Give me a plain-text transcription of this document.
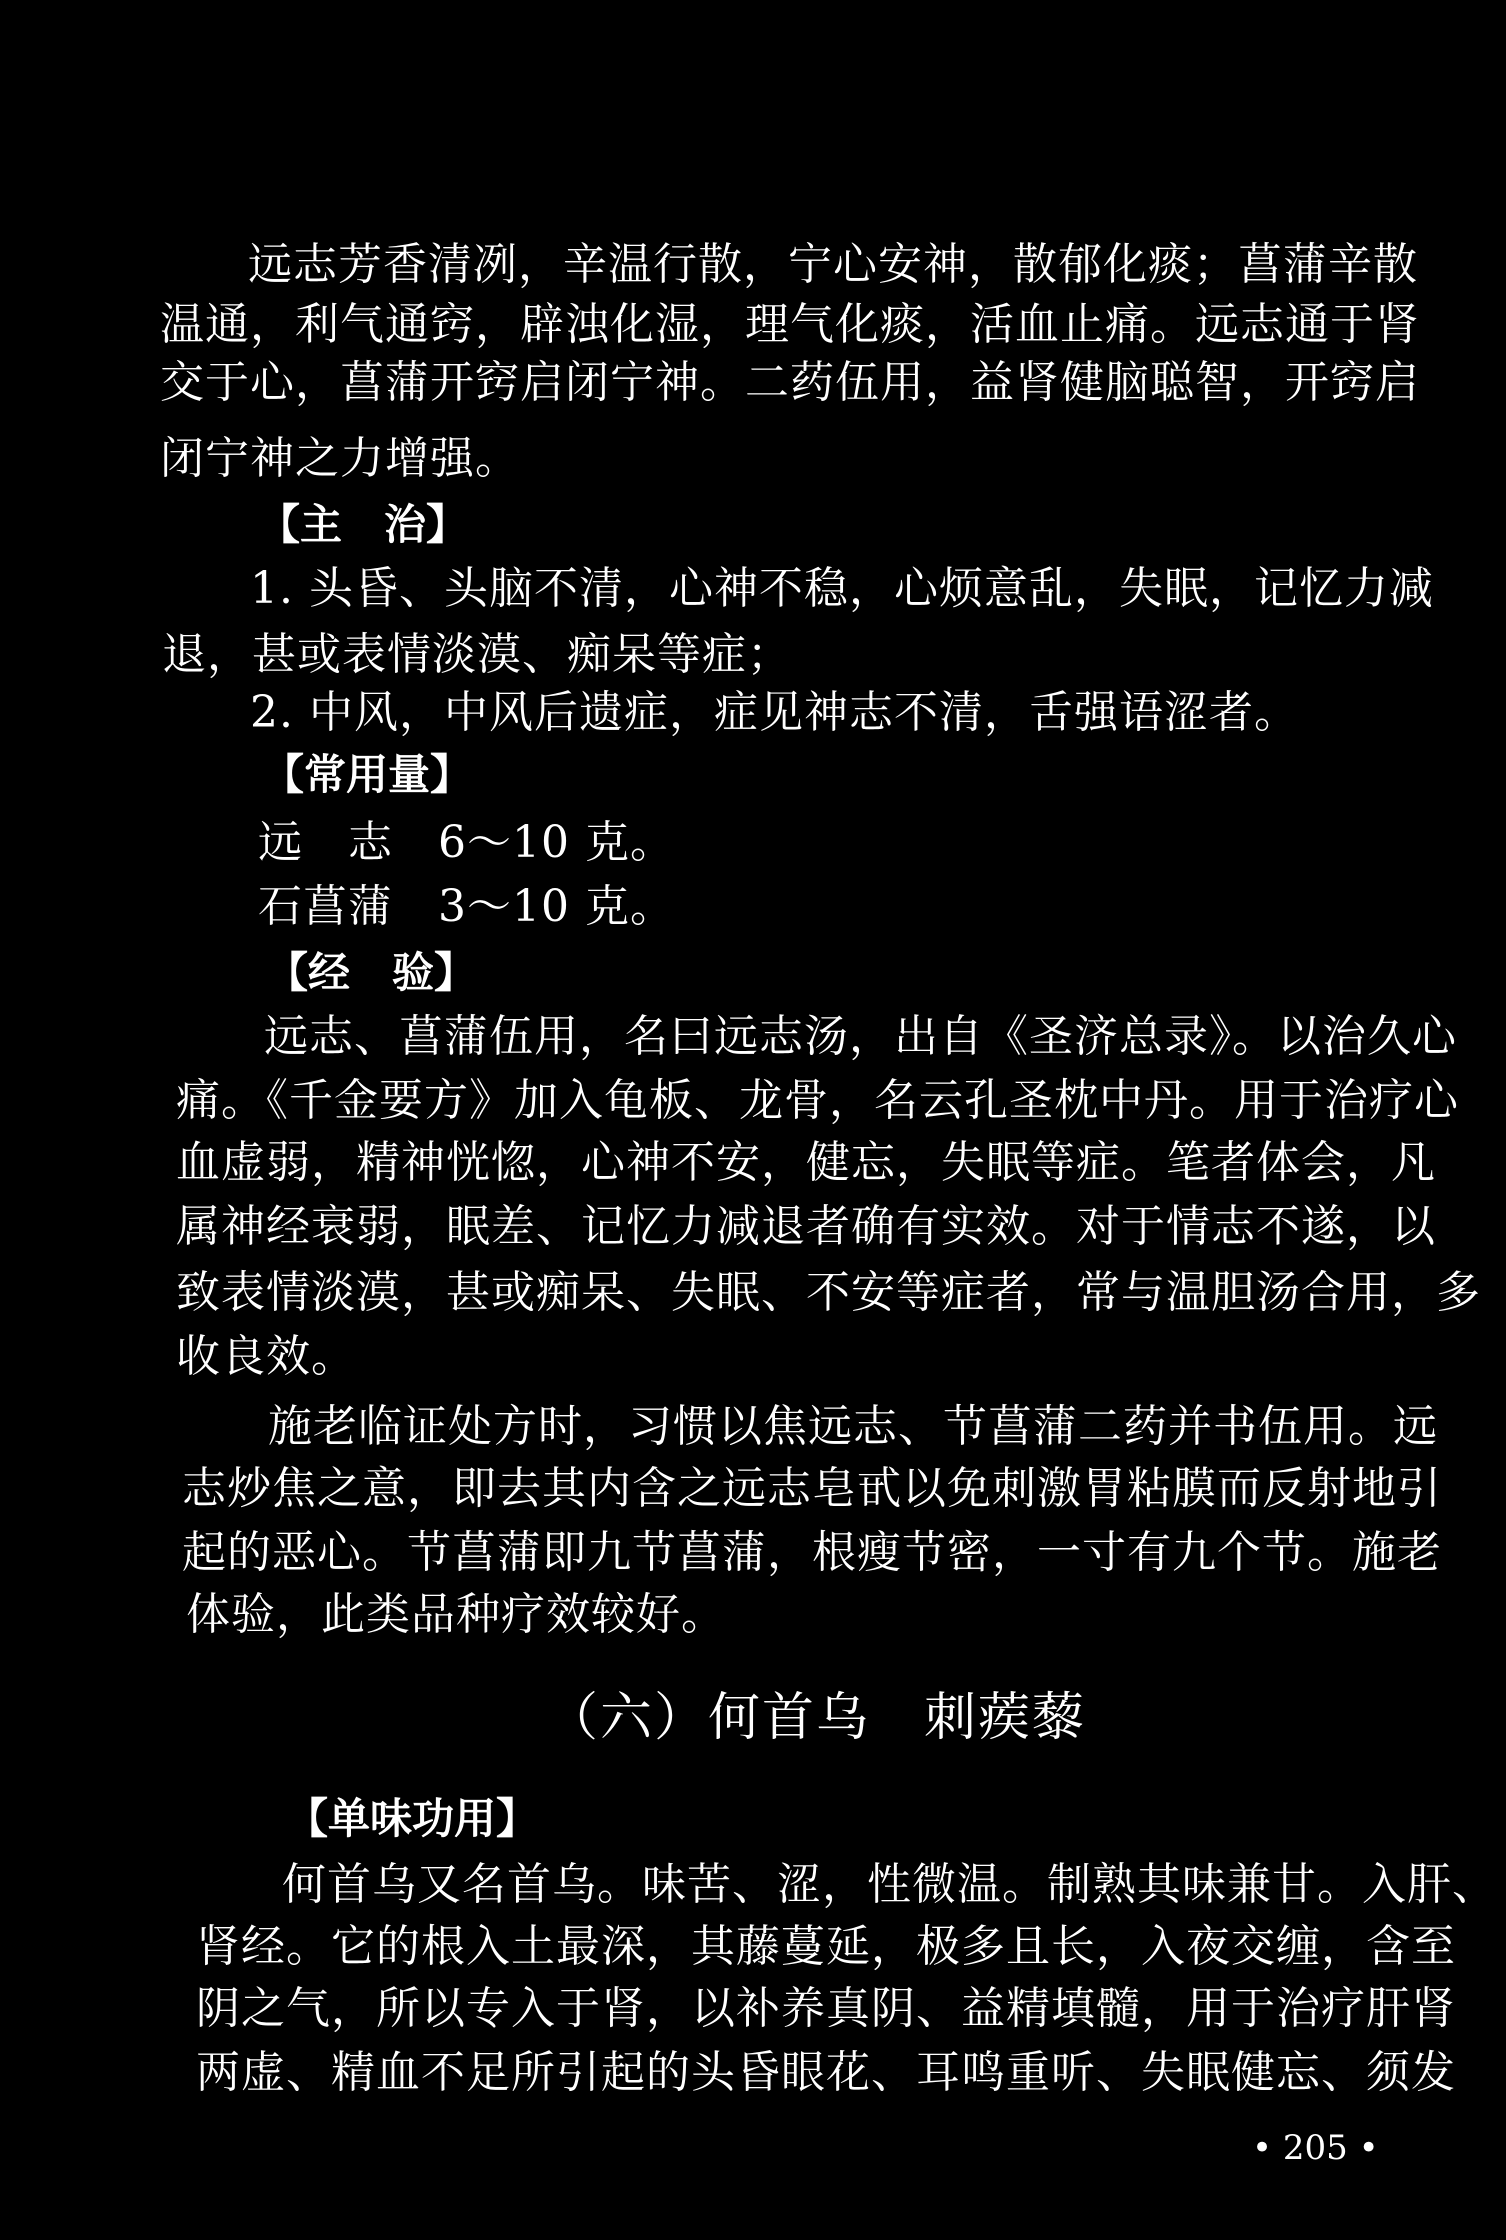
远志芳香清冽，辛温行散，宁心安神，散郁化痰；菖蒲辛散
温通，利气通窍，辟浊化湿，理气化痰，活血止痛。远志通于肾
交于心，菖蒲开窍启闭宁神。二药伍用，益肾健脑聪智，开窍启
闭宁神之力增强。
【主　治】
1. 头昏、头脑不清，心神不稳，心烦意乱，失眠，记忆力减
退，甚或表情淡漠、痴呆等症；
2. 中风，中风后遗症，症见神志不清，舌强语涩者。
【常用量】
远　志　6～10 克。
石菖蒲　3～10 克。
【经　验】
远志、菖蒲伍用，名曰远志汤，出自《圣济总录》。以治久心
痛。《千金要方》加入龟板、龙骨，名云孔圣枕中丹。用于治疗心
血虚弱，精神恍惚，心神不安，健忘，失眠等症。笔者体会，凡
属神经衰弱，眠差、记忆力减退者确有实效。对于情志不遂，以
致表情淡漠，甚或痴呆、失眠、不安等症者，常与温胆汤合用，多
收良效。
施老临证处方时，习惯以焦远志、节菖蒲二药并书伍用。远
志炒焦之意，即去其内含之远志皂甙以免刺激胃粘膜而反射地引
起的恶心。节菖蒲即九节菖蒲，根瘦节密，一寸有九个节。施老
体验，此类品种疗效较好。
（六）何首乌　刺蒺藜
【单味功用】
何首乌又名首乌。味苦、涩，性微温。制熟其味兼甘。入肝、
肾经。它的根入土最深，其藤蔓延，极多且长，入夜交缠，含至
阴之气，所以专入于肾，以补养真阴、益精填髓，用于治疗肝肾
两虚、精血不足所引起的头昏眼花、耳鸣重听、失眠健忘、须发
• 205 •
